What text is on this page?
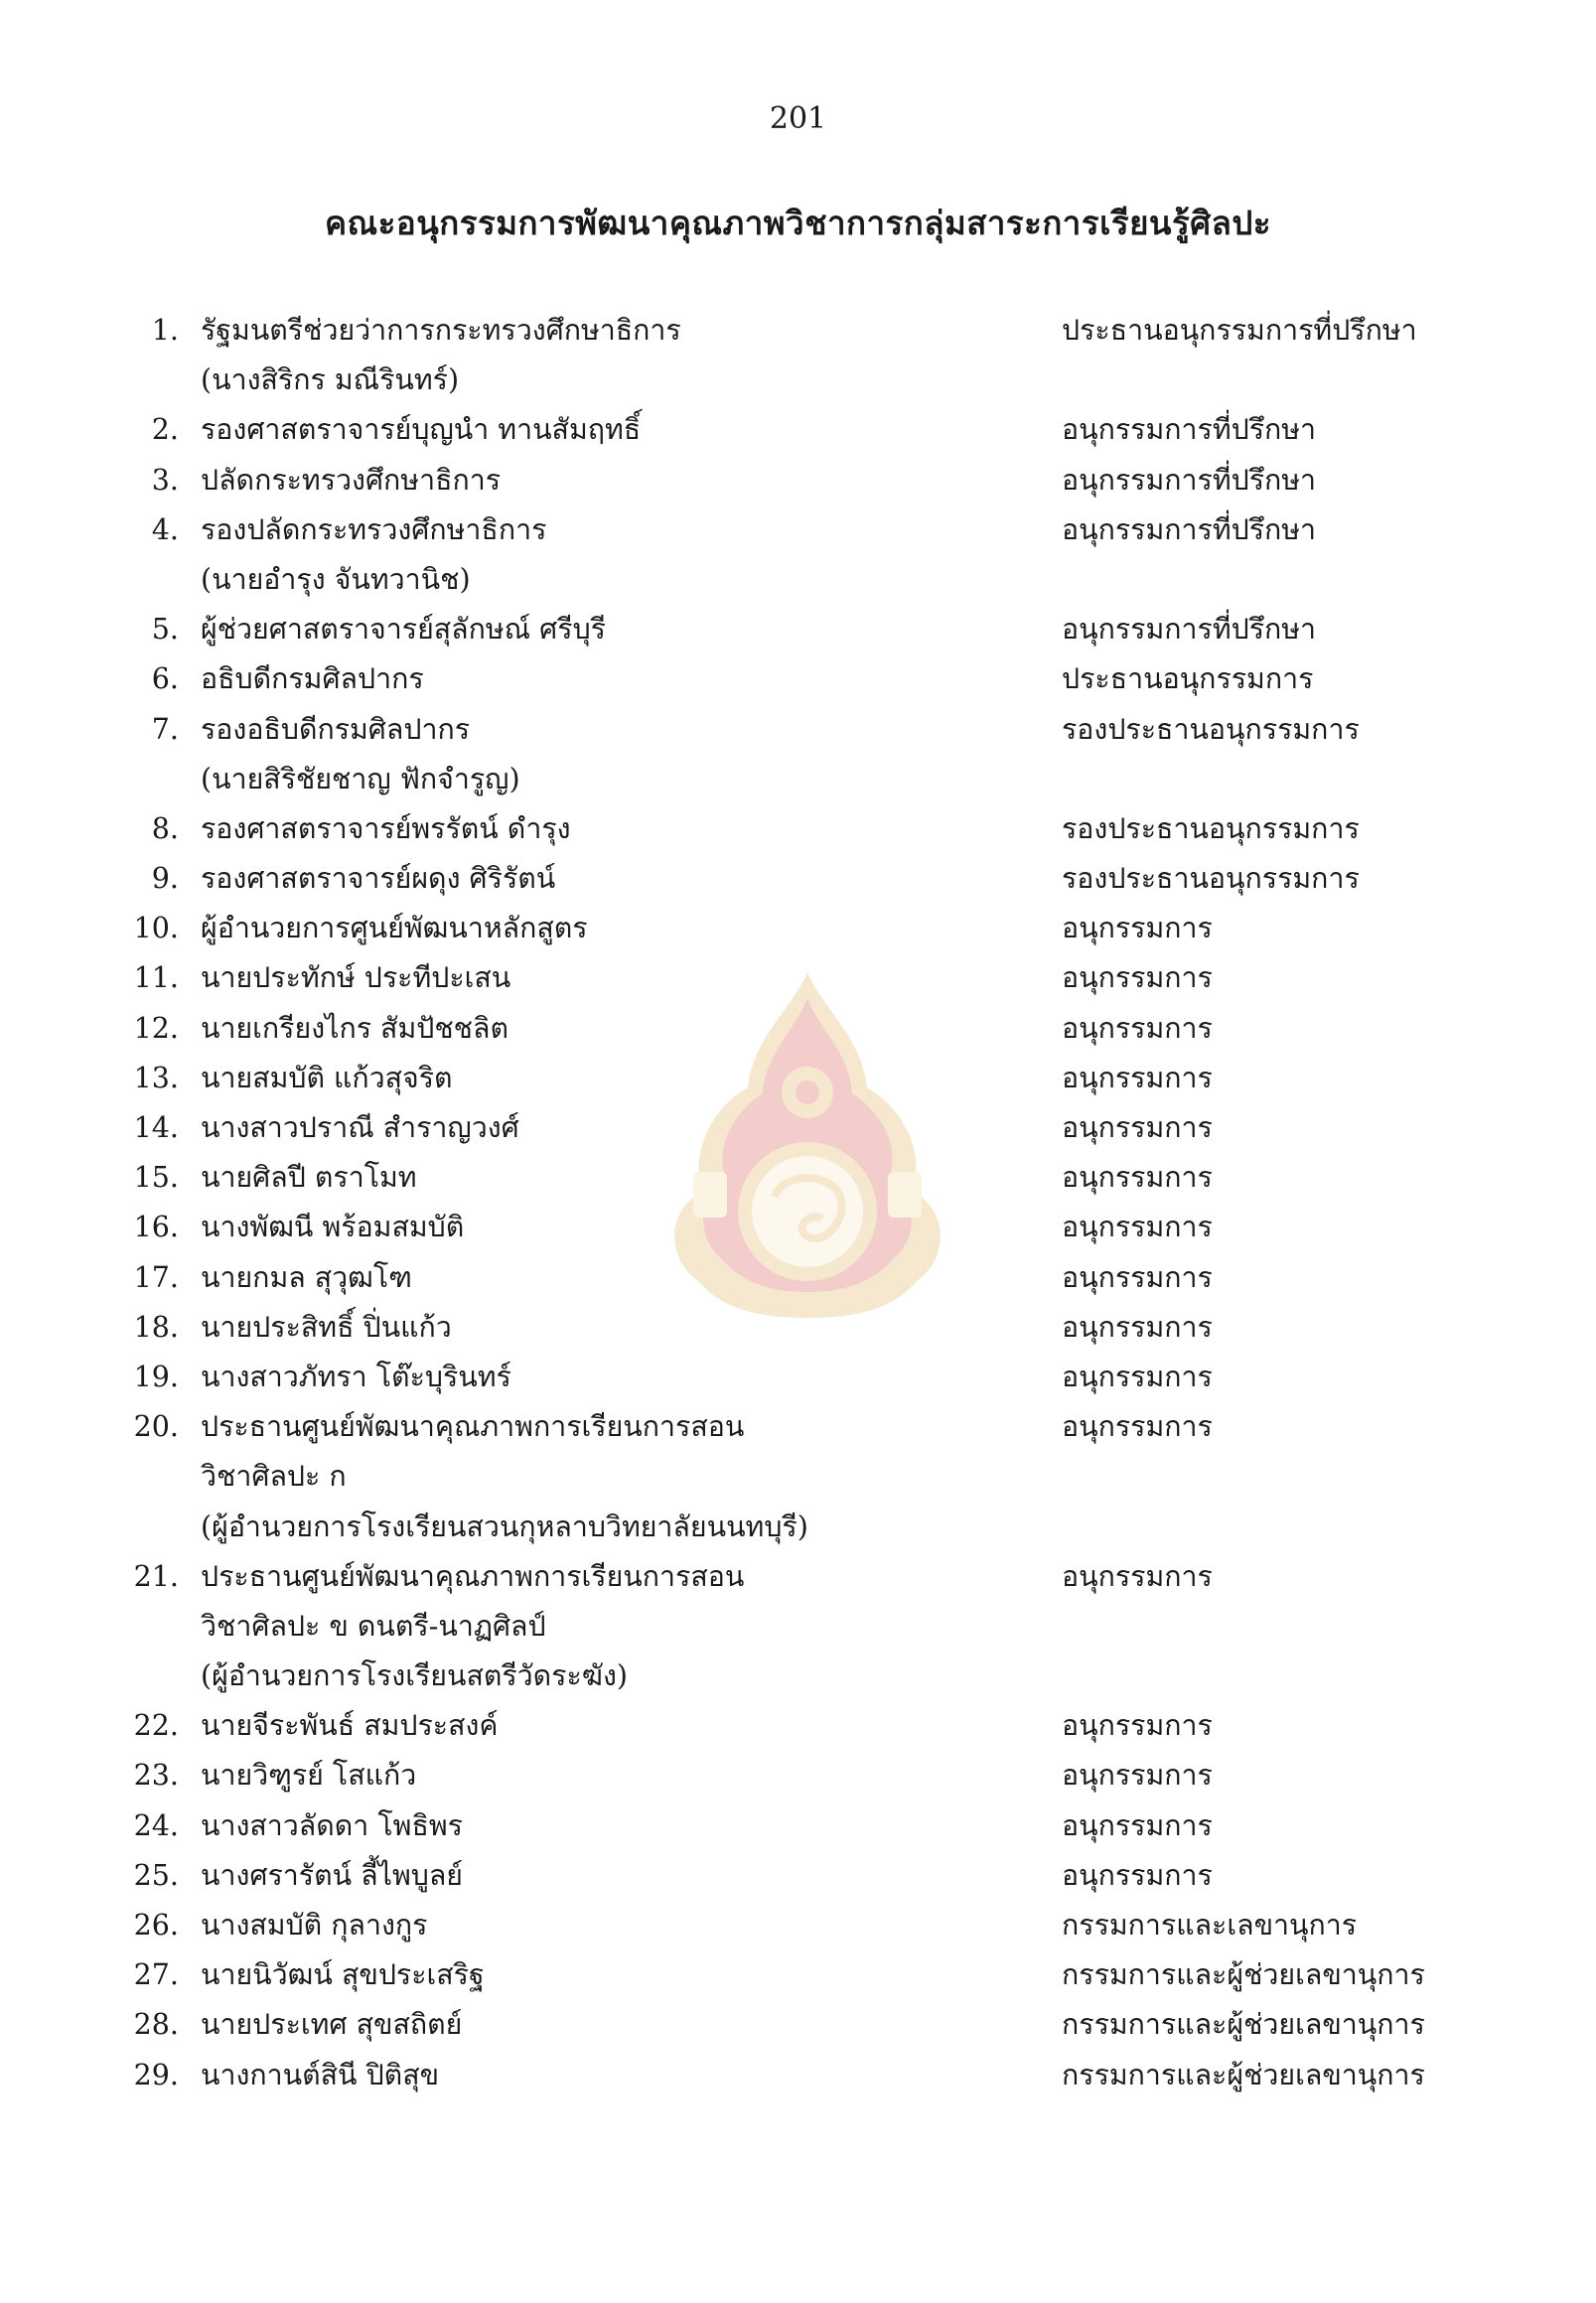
201
คณะอนุกรรมการพัฒนาคุณภาพวิชาการกลุ่มสาระการเรียนรู้ศิลปะ
1. รัฐมนตรีช่วยว่าการกระทรวงศึกษาธิการ	ประธานอนุกรรมการที่ปรึกษา
(นางสิริกร มณีรินทร์)
2. รองศาสตราจารย์บุญนำ ทานสัมฤทธิ์	อนุกรรมการที่ปรึกษา
3. ปลัดกระทรวงศึกษาธิการ	อนุกรรมการที่ปรึกษา
4. รองปลัดกระทรวงศึกษาธิการ	อนุกรรมการที่ปรึกษา
(นายอำรุง จันทวานิช)
5. ผู้ช่วยศาสตราจารย์สุลักษณ์ ศรีบุรี	อนุกรรมการที่ปรึกษา
6. อธิบดีกรมศิลปากร	ประธานอนุกรรมการ
7. รองอธิบดีกรมศิลปากร	รองประธานอนุกรรมการ
(นายสิริชัยชาญ ฟักจำรูญ)
8. รองศาสตราจารย์พรรัตน์ ดำรุง	รองประธานอนุกรรมการ
9. รองศาสตราจารย์ผดุง ศิริรัตน์	รองประธานอนุกรรมการ
10. ผู้อำนวยการศูนย์พัฒนาหลักสูตร	อนุกรรมการ
11. นายประทักษ์ ประทีปะเสน	อนุกรรมการ
12. นายเกรียงไกร สัมปัชชลิต	อนุกรรมการ
13. นายสมบัติ แก้วสุจริต	อนุกรรมการ
14. นางสาวปราณี สำราญวงศ์	อนุกรรมการ
15. นายศิลปี ตราโมท	อนุกรรมการ
16. นางพัฒนี พร้อมสมบัติ	อนุกรรมการ
17. นายกมล สุวุฒโฑ	อนุกรรมการ
18. นายประสิทธิ์ ปิ่นแก้ว	อนุกรรมการ
19. นางสาวภัทรา โต๊ะบุรินทร์	อนุกรรมการ
20. ประธานศูนย์พัฒนาคุณภาพการเรียนการสอน	อนุกรรมการ
วิชาศิลปะ ก
(ผู้อำนวยการโรงเรียนสวนกุหลาบวิทยาลัยนนทบุรี)
21. ประธานศูนย์พัฒนาคุณภาพการเรียนการสอน	อนุกรรมการ
วิชาศิลปะ ข ดนตรี-นาฏศิลป์
(ผู้อำนวยการโรงเรียนสตรีวัดระฆัง)
22. นายจีระพันธ์ สมประสงค์	อนุกรรมการ
23. นายวิฑูรย์ โสแก้ว	อนุกรรมการ
24. นางสาวลัดดา โพธิพร	อนุกรรมการ
25. นางศรารัตน์ ลี้ไพบูลย์	อนุกรรมการ
26. นางสมบัติ กุลางกูร	กรรมการและเลขานุการ
27. นายนิวัฒน์ สุขประเสริฐ	กรรมการและผู้ช่วยเลขานุการ
28. นายประเทศ สุขสถิตย์	กรรมการและผู้ช่วยเลขานุการ
29. นางกานต์สินี ปิติสุข	กรรมการและผู้ช่วยเลขานุการ
